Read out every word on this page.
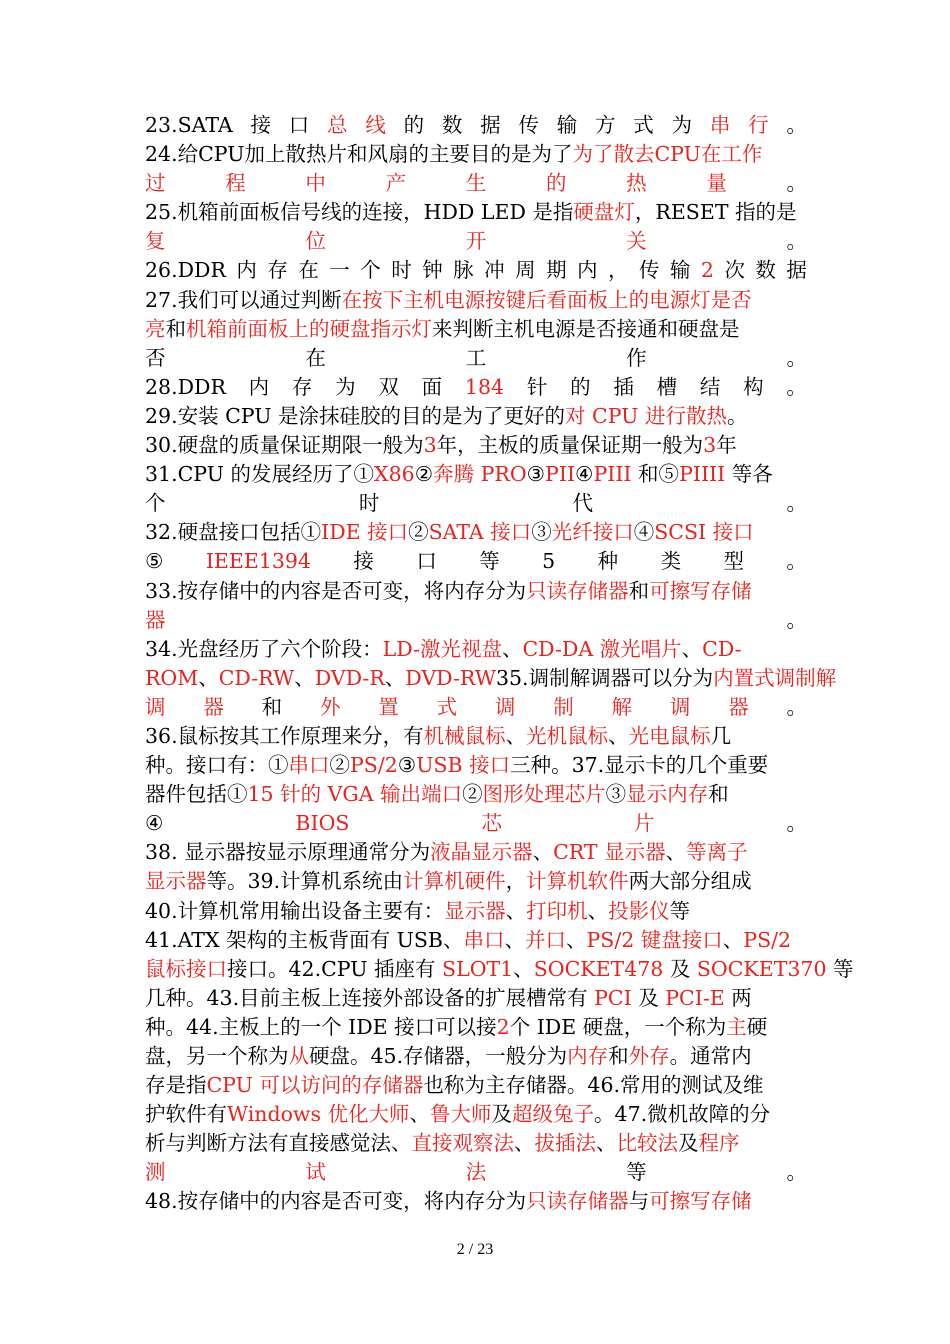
23.SATA 接 口 总 线 的 数 据 传 输 方 式 为 串 行 。
24.给CPU加上散热片和风扇的主要目的是为了为了散去CPU在工作
过	程	中	产	生	的	热	量	。
25.机箱前面板信号线的连接，HDD LED 是指硬盘灯，RESET 指的是
复	位	开	关	。
26.DDR 内 存 在 一 个 时 钟 脉 冲 周 期 内 ， 传 输 2 次 数 据
27.我们可以通过判断在按下主机电源按键后看面板上的电源灯是否
亮和机箱前面板上的硬盘指示灯来判断主机电源是否接通和硬盘是
否	在	工	作	。
28.DDR 内 存 为 双 面 184 针 的 插 槽 结 构 。
29.安装 CPU 是涂抹硅胶的目的是为了更好的对 CPU 进行散热。
30.硬盘的质量保证期限一般为3年，主板的质量保证期一般为3年
31.CPU 的发展经历了①X86②奔腾 PRO③PII④PIII 和⑤PIIII 等各
个	时	代	。
32.硬盘接口包括①IDE 接口②SATA 接口③光纤接口④SCSI 接口
⑤ IEEE1394 接 口 等 5 种 类 型 。
33.按存储中的内容是否可变，将内存分为只读存储器和可擦写存储
器	。
34.光盘经历了六个阶段：LD-激光视盘、CD-DA 激光唱片、CD-
ROM、CD-RW、DVD-R、DVD-RW35.调制解调器可以分为内置式调制解
调 器 和 外 置 式 调 制 解 调 器 。
36.鼠标按其工作原理来分，有机械鼠标、光机鼠标、光电鼠标几
种。接口有：①串口②PS/2③USB 接口三种。37.显示卡的几个重要
器件包括①15 针的 VGA 输出端口②图形处理芯片③显示内存和
④	BIOS	芯	片	。
38. 显示器按显示原理通常分为液晶显示器、CRT 显示器、等离子
显示器等。39.计算机系统由计算机硬件，计算机软件两大部分组成
40.计算机常用输出设备主要有：显示器、打印机、投影仪等
41.ATX 架构的主板背面有 USB、串口、并口、PS/2 键盘接口、PS/2
鼠标接口接口。42.CPU 插座有 SLOT1、SOCKET478 及 SOCKET370 等
几种。43.目前主板上连接外部设备的扩展槽常有 PCI 及 PCI-E 两
种。44.主板上的一个 IDE 接口可以接2个 IDE 硬盘，一个称为主硬
盘，另一个称为从硬盘。45.存储器，一般分为内存和外存。通常内
存是指CPU 可以访问的存储器也称为主存储器。46.常用的测试及维
护软件有Windows 优化大师、鲁大师及超级兔子。47.微机故障的分
析与判断方法有直接感觉法、直接观察法、拔插法、比较法及程序
测	试	法	等	。
48.按存储中的内容是否可变，将内存分为只读存储器与可擦写存储
2 / 23
